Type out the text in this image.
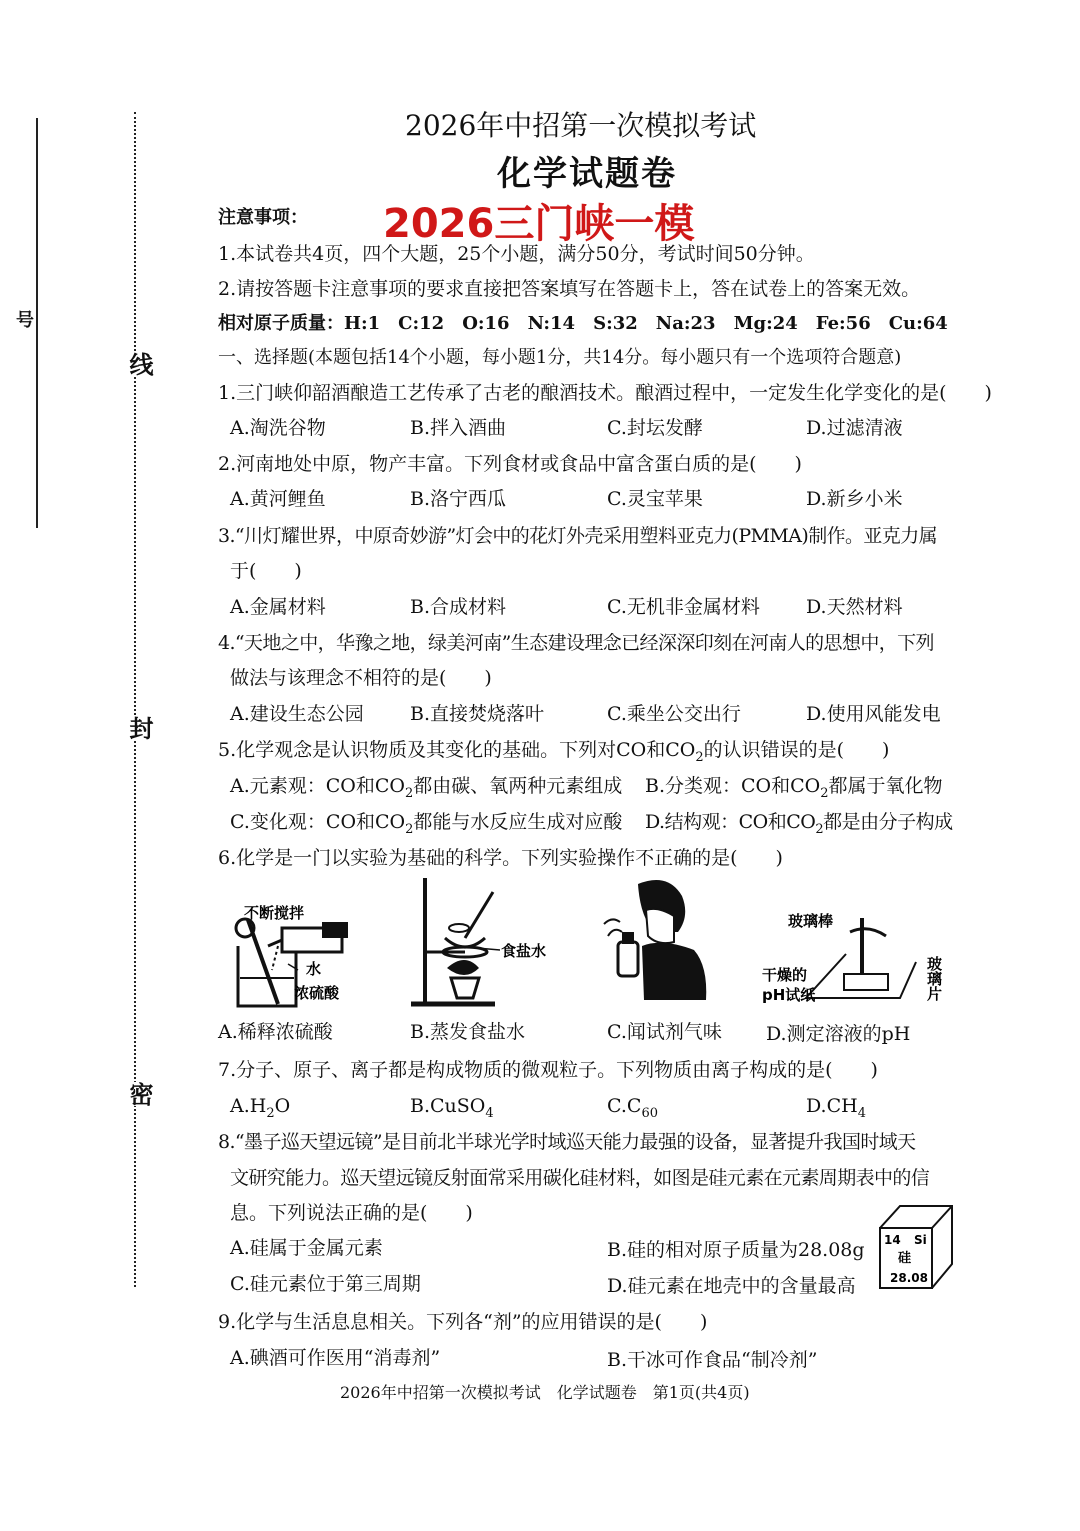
号
线
封
密
2026年中招第一次模拟考试
化学试题卷
2026三门峡一模
注意事项：
1.本试卷共4页，四个大题，25个小题，满分50分，考试时间50分钟。
2.请按答题卡注意事项的要求直接把答案填写在答题卡上，答在试卷上的答案无效。
相对原子质量：H:1　C:12　O:16　N:14　S:32　Na:23　Mg:24　Fe:56　Cu:64
一、选择题(本题包括14个小题，每小题1分，共14分。每小题只有一个选项符合题意)
1.三门峡仰韶酒酿造工艺传承了古老的酿酒技术。酿酒过程中，一定发生化学变化的是(　　)
A.淘洗谷物	B.拌入酒曲	C.封坛发酵	D.过滤清液
2.河南地处中原，物产丰富。下列食材或食品中富含蛋白质的是(　　)
A.黄河鲤鱼	B.洛宁西瓜	C.灵宝苹果	D.新乡小米
3.“川灯耀世界，中原奇妙游”灯会中的花灯外壳采用塑料亚克力(PMMA)制作。亚克力属
于(　　)
A.金属材料	B.合成材料	C.无机非金属材料 D.天然材料
4.“天地之中，华豫之地，绿美河南”生态建设理念已经深深印刻在河南人的思想中，下列
做法与该理念不相符的是(　　)
A.建设生态公园 B.直接焚烧落叶	C.乘坐公交出行	D.使用风能发电
5.化学观念是认识物质及其变化的基础。下列对CO和$CO_2$的认识错误的是(　　)
A.元素观：CO和$CO_2$都由碳、氧两种元素组成 B.分类观：CO和$CO_2$都属于氧化物
C.变化观：CO和$CO_2$都能与水反应生成对应酸 D.结构观：CO和$CO_2$都是由分子构成
6.化学是一门以实验为基础的科学。下列实验操作不正确的是(　　)
不断搅拌
水
浓硫酸
食盐水
玻璃棒
干燥的
pH试纸	玻璃片
A.稀释浓硫酸	B.蒸发食盐水	C.闻试剂气味 D.测定溶液的pH
7.分子、原子、离子都是构成物质的微观粒子。下列物质由离子构成的是(　　)
$A.H_2O$	B.CuSO$_4$	$C.C_{60}$	$D.CH_4$
8.“墨子巡天望远镜”是目前北半球光学时域巡天能力最强的设备，显著提升我国时域天
文研究能力。巡天望远镜反射面常采用碳化硅材料，如图是硅元素在元素周期表中的信
息。下列说法正确的是(　　)
A.硅属于金属元素	B.硅的相对原子质量为28.08g
C.硅元素位于第三周期	D.硅元素在地壳中的含量最高
14 Si
硅
28.08
9.化学与生活息息相关。下列各“剂”的应用错误的是(　　)
A.碘酒可作医用“消毒剂”	B.干冰可作食品“制冷剂”
2026年中招第一次模拟考试　化学试题卷　第1页(共4页)
